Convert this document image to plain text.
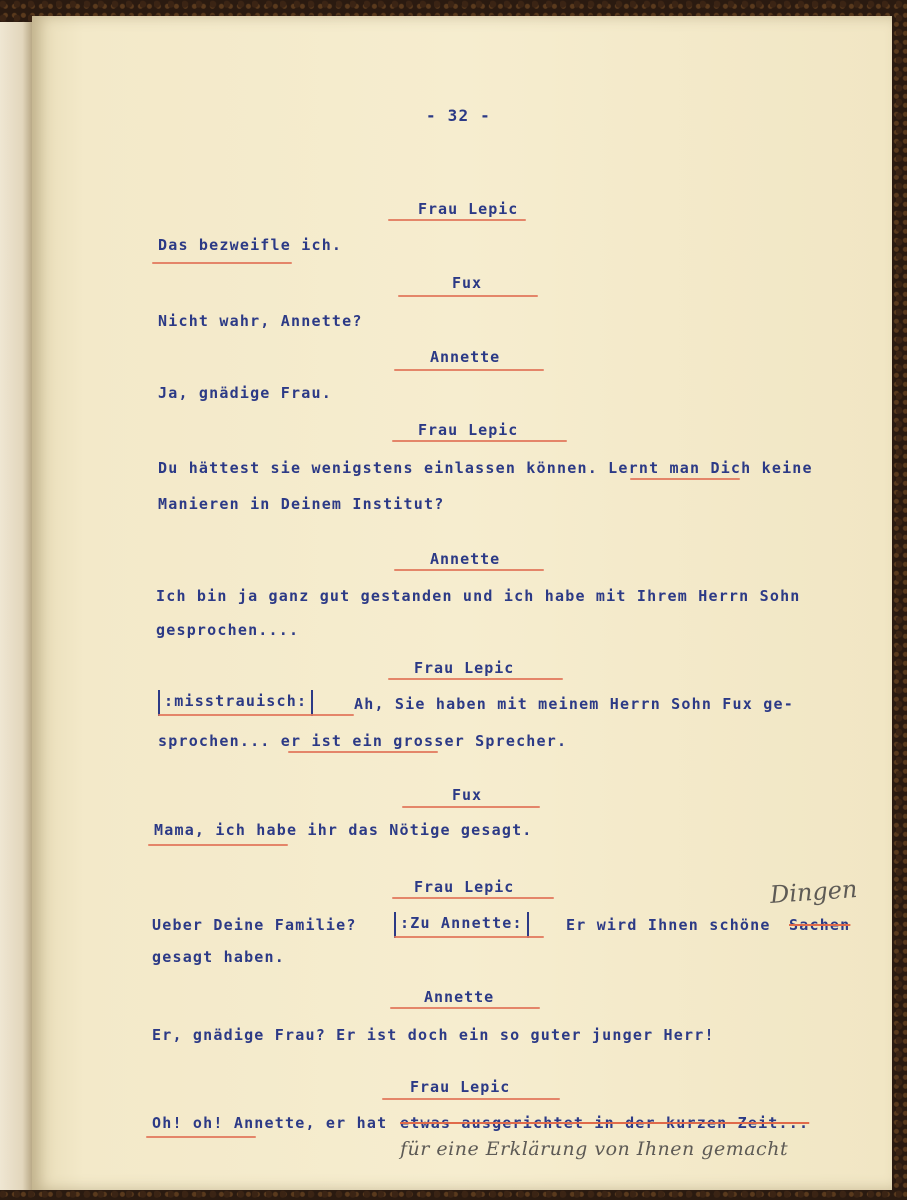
- 32 -
Frau Lepic
Das bezweifle ich.
Fux
Nicht wahr, Annette?
Annette
Ja, gnädige Frau.
Frau Lepic
Du hättest sie wenigstens einlassen können. Lernt man Dich keine
Manieren in Deinem Institut?
Annette
Ich bin ja ganz gut gestanden und ich habe mit Ihrem Herrn Sohn
gesprochen....
Frau Lepic
:misstrauisch:	Ah, Sie haben mit meinem Herrn Sohn Fux ge-
sprochen... er ist ein grosser Sprecher.
Fux
Mama, ich habe ihr das Nötige gesagt.
Frau Lepic
Ueber Deine Familie?	:Zu Annette:	Er wird Ihnen schöne Sachen
Dingen
gesagt haben.
Annette
Er, gnädige Frau? Er ist doch ein so guter junger Herr!
Frau Lepic
Oh! oh! Annette, er hat etwas ausgerichtet in der kurzen Zeit...
für eine Erklärung von Ihnen gemacht
